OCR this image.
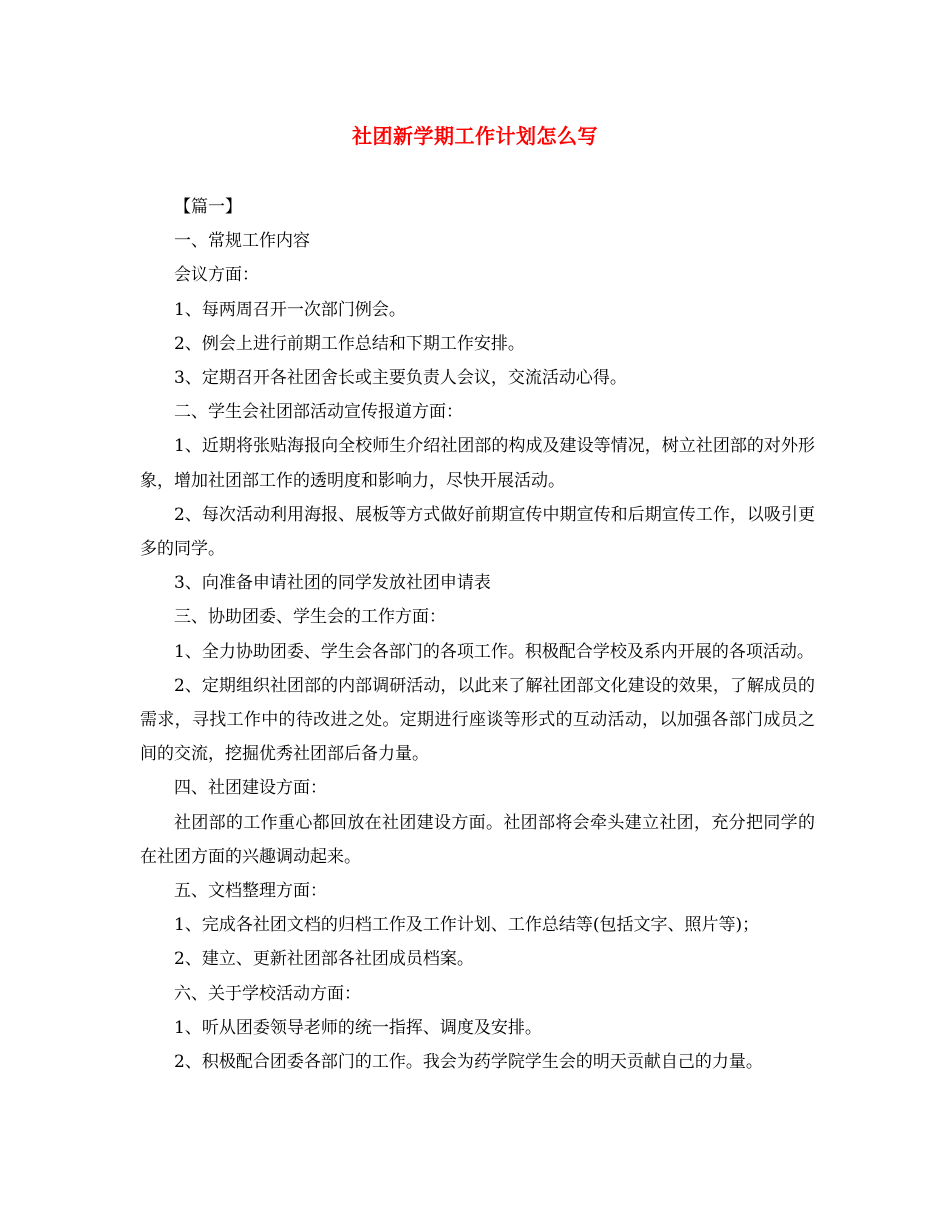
社团新学期工作计划怎么写

【篇一】

一、常规工作内容

会议方面：

1、每两周召开一次部门例会。

2、例会上进行前期工作总结和下期工作安排。

3、定期召开各社团舍长或主要负责人会议，交流活动心得。

二、学生会社团部活动宣传报道方面：

1、近期将张贴海报向全校师生介绍社团部的构成及建设等情况，树立社团部的对外形象，增加社团部工作的透明度和影响力，尽快开展活动。

2、每次活动利用海报、展板等方式做好前期宣传中期宣传和后期宣传工作，以吸引更多的同学。

3、向准备申请社团的同学发放社团申请表

三、协助团委、学生会的工作方面：

1、全力协助团委、学生会各部门的各项工作。积极配合学校及系内开展的各项活动。

2、定期组织社团部的内部调研活动，以此来了解社团部文化建设的效果，了解成员的需求，寻找工作中的待改进之处。定期进行座谈等形式的互动活动，以加强各部门成员之间的交流，挖掘优秀社团部后备力量。

四、社团建设方面：

社团部的工作重心都回放在社团建设方面。社团部将会牵头建立社团，充分把同学的在社团方面的兴趣调动起来。

五、文档整理方面：

1、完成各社团文档的归档工作及工作计划、工作总结等(包括文字、照片等)；

2、建立、更新社团部各社团成员档案。

六、关于学校活动方面：

1、听从团委领导老师的统一指挥、调度及安排。

2、积极配合团委各部门的工作。我会为药学院学生会的明天贡献自己的力量。
